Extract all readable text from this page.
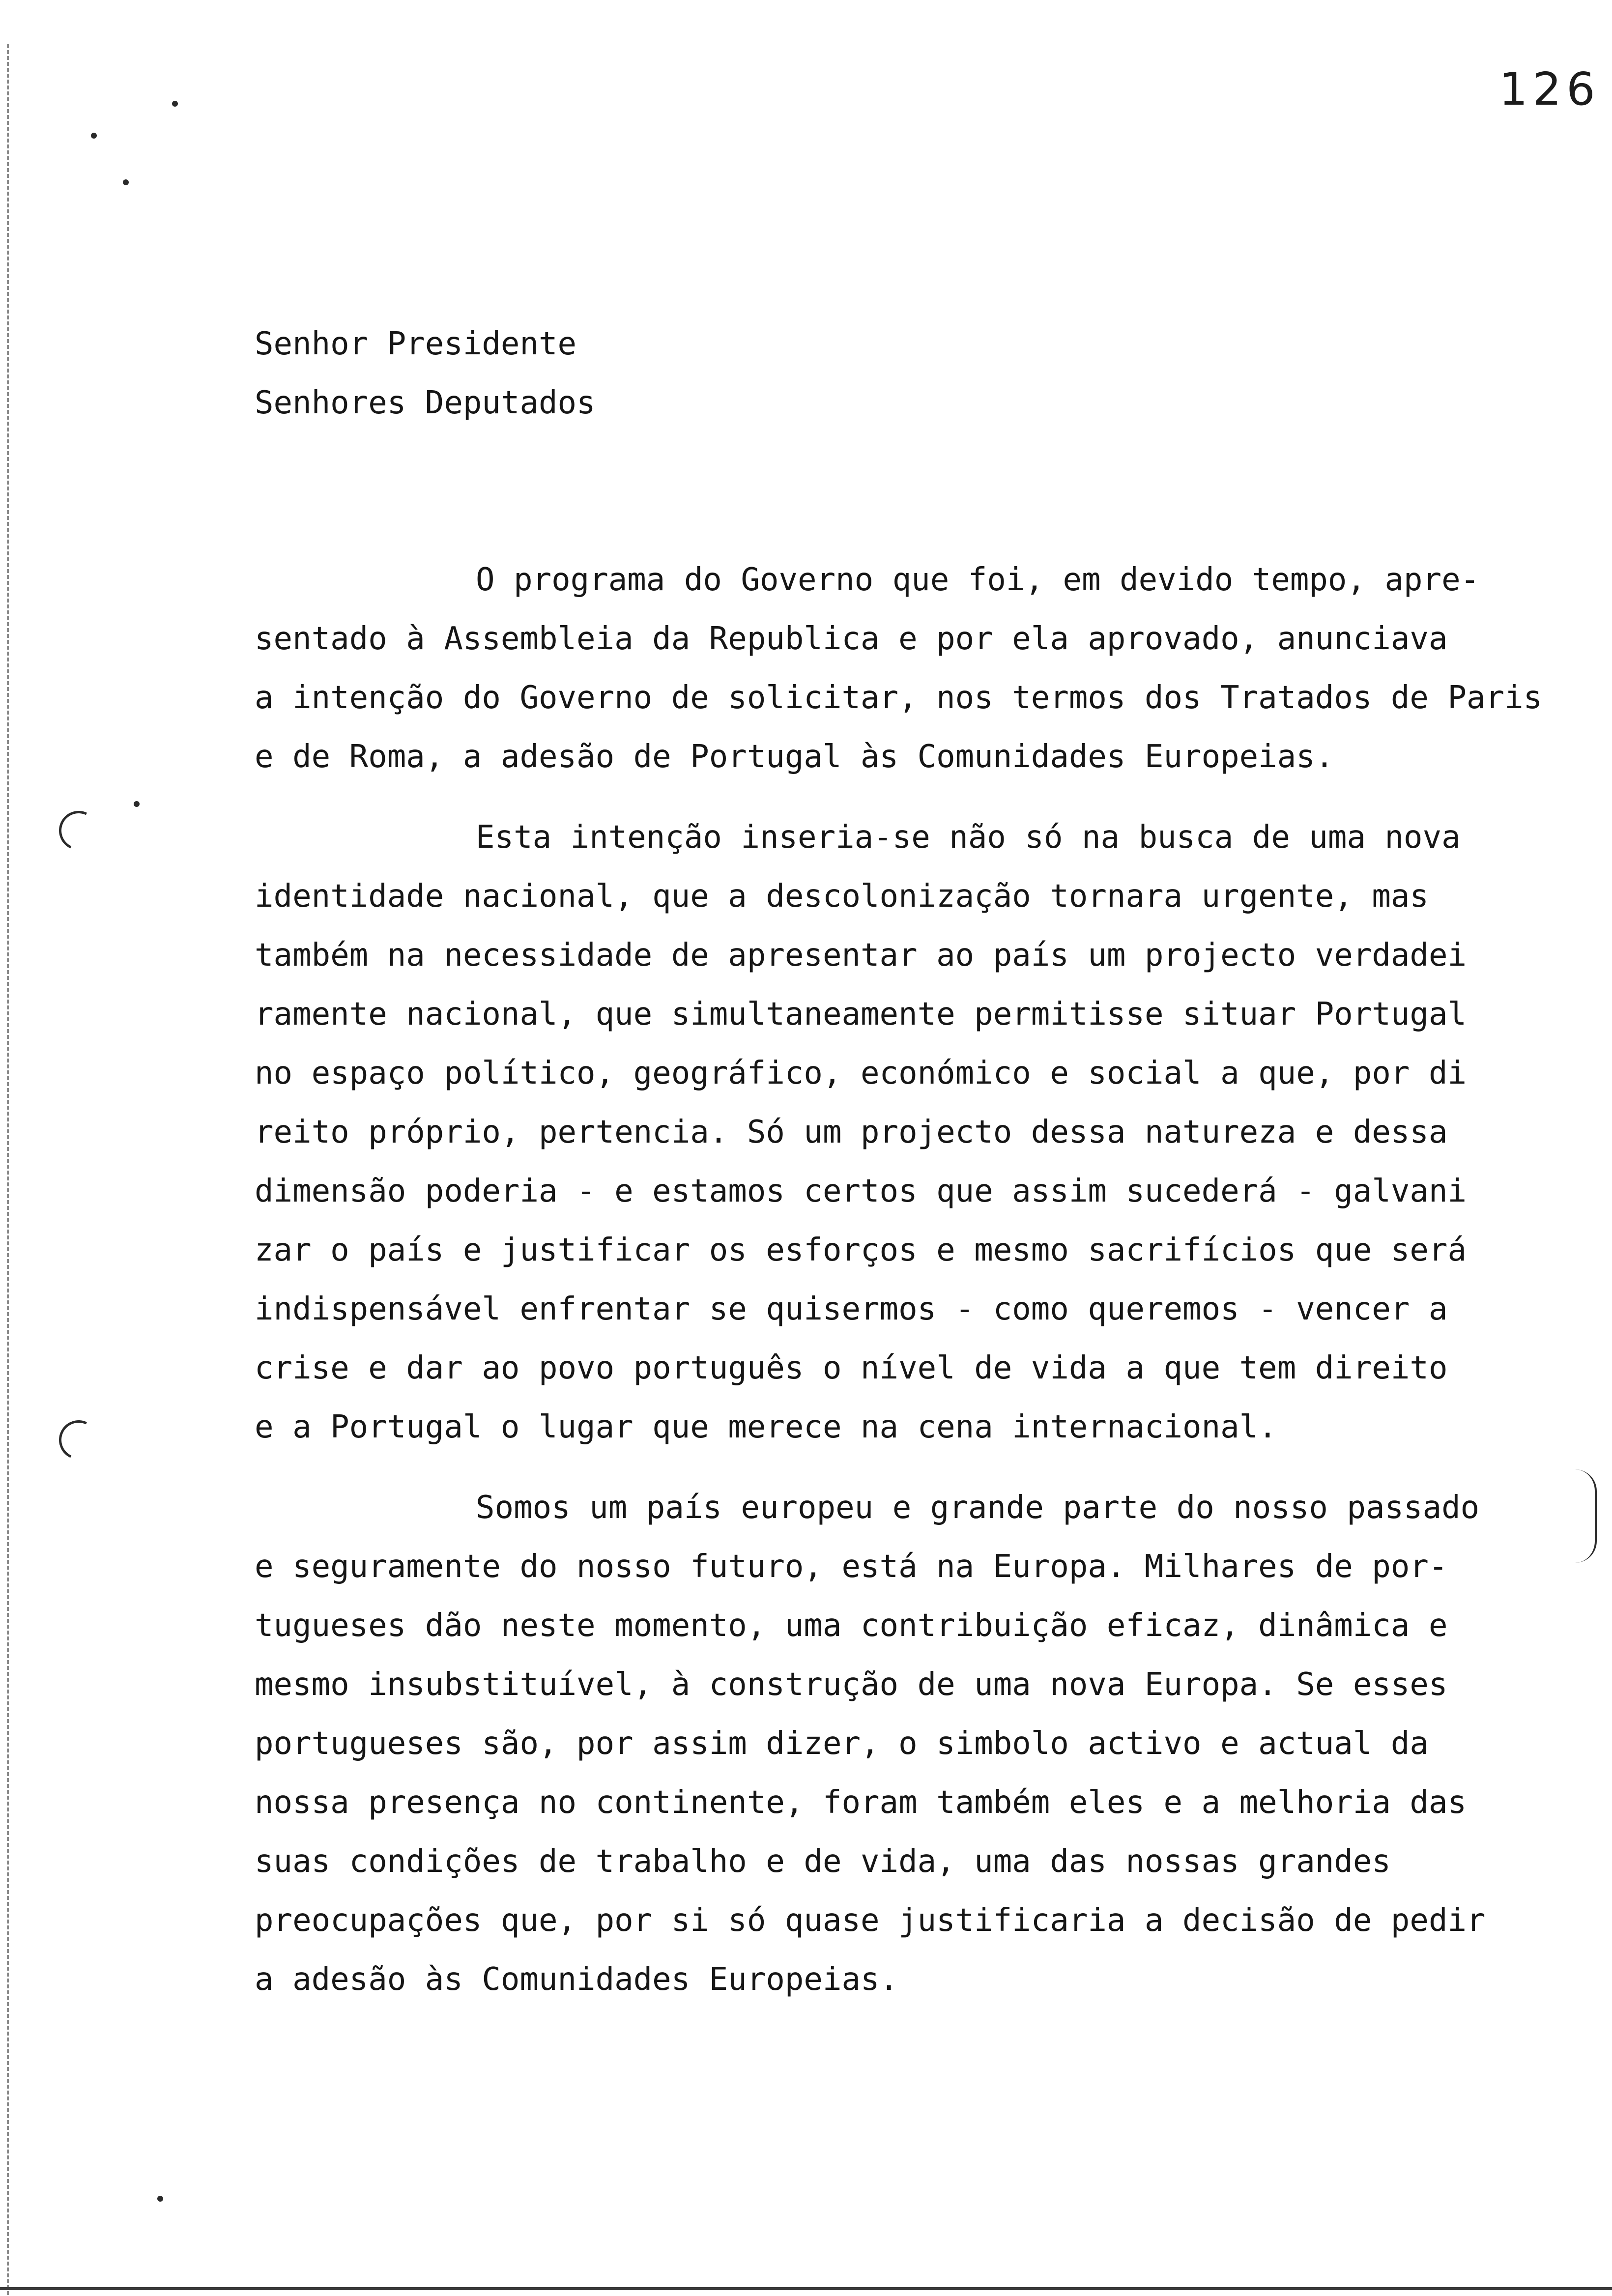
126
Senhor Presidente
Senhores Deputados
O programa do Governo que foi, em devido tempo, apre-
sentado à Assembleia da Republica e por ela aprovado, anunciava
a intenção do Governo de solicitar, nos termos dos Tratados de Paris
e de Roma, a adesão de Portugal às Comunidades Europeias.
Esta intenção inseria-se não só na busca de uma nova
identidade nacional, que a descolonização tornara urgente, mas
também na necessidade de apresentar ao país um projecto verdadei
ramente nacional, que simultaneamente permitisse situar Portugal
no espaço político, geográfico, económico e social a que, por di
reito próprio, pertencia. Só um projecto dessa natureza e dessa
dimensão poderia - e estamos certos que assim sucederá - galvani
zar o país e justificar os esforços e mesmo sacrifícios que será
indispensável enfrentar se quisermos - como queremos - vencer a
crise e dar ao povo português o nível de vida a que tem direito
e a Portugal o lugar que merece na cena internacional.
Somos um país europeu e grande parte do nosso passado
e seguramente do nosso futuro, está na Europa. Milhares de por-
tugueses dão neste momento, uma contribuição eficaz, dinâmica e
mesmo insubstituível, à construção de uma nova Europa. Se esses
portugueses são, por assim dizer, o simbolo activo e actual da
nossa presença no continente, foram também eles e a melhoria das
suas condições de trabalho e de vida, uma das nossas grandes
preocupações que, por si só quase justificaria a decisão de pedir
a adesão às Comunidades Europeias.
